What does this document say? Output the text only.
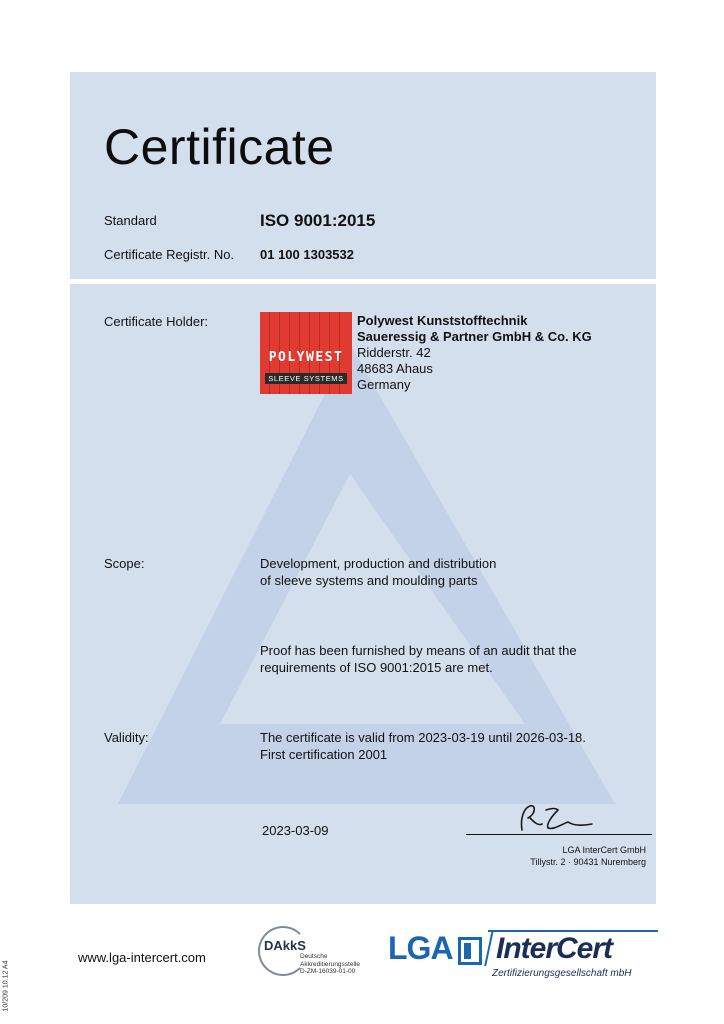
Certificate
Standard	ISO 9001:2015
Certificate Registr. No. 01 100 1303532
Certificate Holder:
POLYWEST
SLEEVE SYSTEMS
Polywest Kunststofftechnik
Saueressig & Partner GmbH & Co. KG
Ridderstr. 42
48683 Ahaus
Germany
Scope:	Development, production and distribution
of sleeve systems and moulding parts
Proof has been furnished by means of an audit that the
requirements of ISO 9001:2015 are met.
Validity:	The certificate is valid from 2023-03-19 until 2026-03-18.
First certification 2001
2023-03-09
LGA InterCert GmbH
Tillystr. 2 · 90431 Nuremberg
www.lga-intercert.com
10/209 10.12 A4
DAkkS
Deutsche
Akkreditierungsstelle
D-ZM-16039-01-00
LGA InterCert
Zertifizierungsgesellschaft mbH
